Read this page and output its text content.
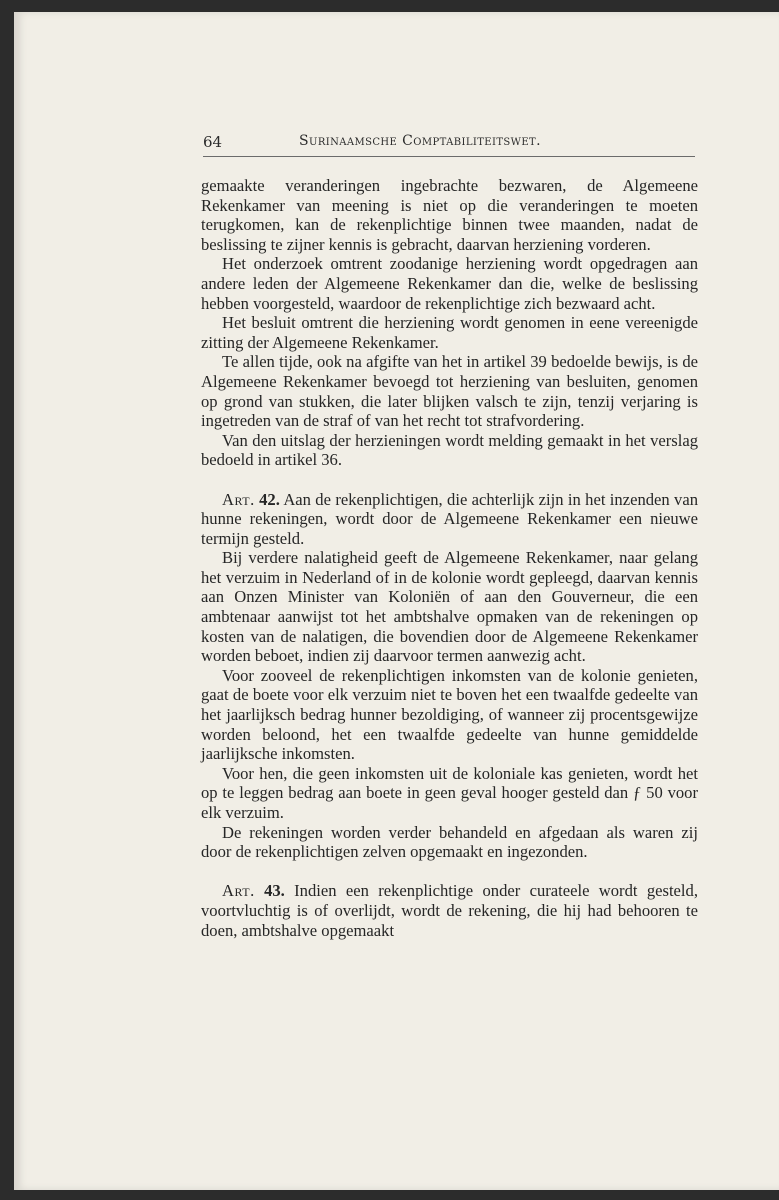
64	Surinaamsche Comptabiliteitswet.

gemaakte veranderingen ingebrachte bezwaren, de Algemeene Rekenkamer van meening is niet op die veranderingen te moeten terugkomen, kan de rekenplichtige binnen twee maanden, nadat de beslissing te zijner kennis is gebracht, daarvan herziening vorderen.

Het onderzoek omtrent zoodanige herziening wordt opgedragen aan andere leden der Algemeene Rekenkamer dan die, welke de beslissing hebben voorgesteld, waardoor de rekenplichtige zich bezwaard acht.

Het besluit omtrent die herziening wordt genomen in eene vereenigde zitting der Algemeene Rekenkamer.

Te allen tijde, ook na afgifte van het in artikel 39 bedoelde bewijs, is de Algemeene Rekenkamer bevoegd tot herziening van besluiten, genomen op grond van stukken, die later blijken valsch te zijn, tenzij verjaring is ingetreden van de straf of van het recht tot strafvordering.

Van den uitslag der herzieningen wordt melding gemaakt in het verslag bedoeld in artikel 36.

Art. 42. Aan de rekenplichtigen, die achterlijk zijn in het inzenden van hunne rekeningen, wordt door de Algemeene Rekenkamer een nieuwe termijn gesteld.

Bij verdere nalatigheid geeft de Algemeene Rekenkamer, naar gelang het verzuim in Nederland of in de kolonie wordt gepleegd, daarvan kennis aan Onzen Minister van Koloniën of aan den Gouverneur, die een ambtenaar aanwijst tot het ambtshalve opmaken van de rekeningen op kosten van de nalatigen, die bovendien door de Algemeene Rekenkamer worden beboet, indien zij daarvoor termen aanwezig acht.

Voor zooveel de rekenplichtigen inkomsten van de kolonie genieten, gaat de boete voor elk verzuim niet te boven het een twaalfde gedeelte van het jaarlijksch bedrag hunner bezoldiging, of wanneer zij procentsgewijze worden beloond, het een twaalfde gedeelte van hunne gemiddelde jaarlijksche inkomsten.

Voor hen, die geen inkomsten uit de koloniale kas genieten, wordt het op te leggen bedrag aan boete in geen geval hooger gesteld dan ƒ 50 voor elk verzuim.

De rekeningen worden verder behandeld en afgedaan als waren zij door de rekenplichtigen zelven opgemaakt en ingezonden.

Art. 43. Indien een rekenplichtige onder curateele wordt gesteld, voortvluchtig is of overlijdt, wordt de rekening, die hij had behooren te doen, ambtshalve opgemaakt
